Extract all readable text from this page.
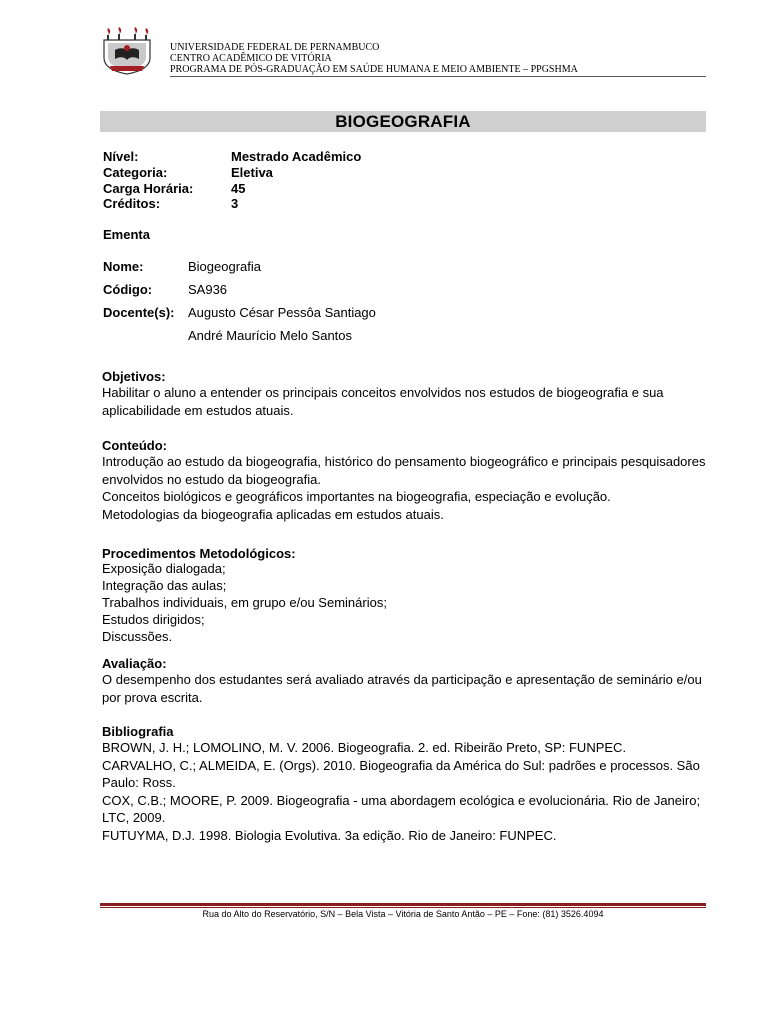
UNIVERSIDADE FEDERAL DE PERNAMBUCO
CENTRO ACADÊMICO DE VITÓRIA
PROGRAMA DE PÓS-GRADUAÇÃO EM SAÚDE HUMANA E MEIO AMBIENTE – PPGSHMA
BIOGEOGRAFIA
Nível:	Mestrado Acadêmico
Categoria:	Eletiva
Carga Horária:	45
Créditos:	3
Ementa
Nome:	Biogeografia
Código:	SA936
Docente(s):	Augusto César Pessôa Santiago
André Maurício Melo Santos
Objetivos:
Habilitar o aluno a entender os principais conceitos envolvidos nos estudos de biogeografia e sua aplicabilidade em estudos atuais.
Conteúdo:
Introdução ao estudo da biogeografia, histórico do pensamento biogeográfico e principais pesquisadores envolvidos no estudo da biogeografia.
Conceitos biológicos e geográficos importantes na biogeografia, especiação e evolução.
Metodologias da biogeografia aplicadas em estudos atuais.
Procedimentos Metodológicos:
Exposição dialogada;
Integração das aulas;
Trabalhos individuais, em grupo e/ou Seminários;
Estudos dirigidos;
Discussões.
Avaliação:
O desempenho dos estudantes será avaliado através da participação e apresentação de seminário e/ou por prova escrita.
Bibliografia
BROWN, J. H.; LOMOLINO, M. V. 2006. Biogeografia. 2. ed. Ribeirão Preto, SP: FUNPEC.
CARVALHO, C.; ALMEIDA, E. (Orgs). 2010. Biogeografia da América do Sul: padrões e processos. São Paulo: Ross.
COX, C.B.; MOORE, P. 2009. Biogeografia - uma abordagem ecológica e evolucionária. Rio de Janeiro; LTC, 2009.
FUTUYMA, D.J. 1998. Biologia Evolutiva. 3a edição. Rio de Janeiro: FUNPEC.
Rua do Alto do Reservatório, S/N – Bela Vista – Vitória de Santo Antão – PE – Fone: (81) 3526.4094
